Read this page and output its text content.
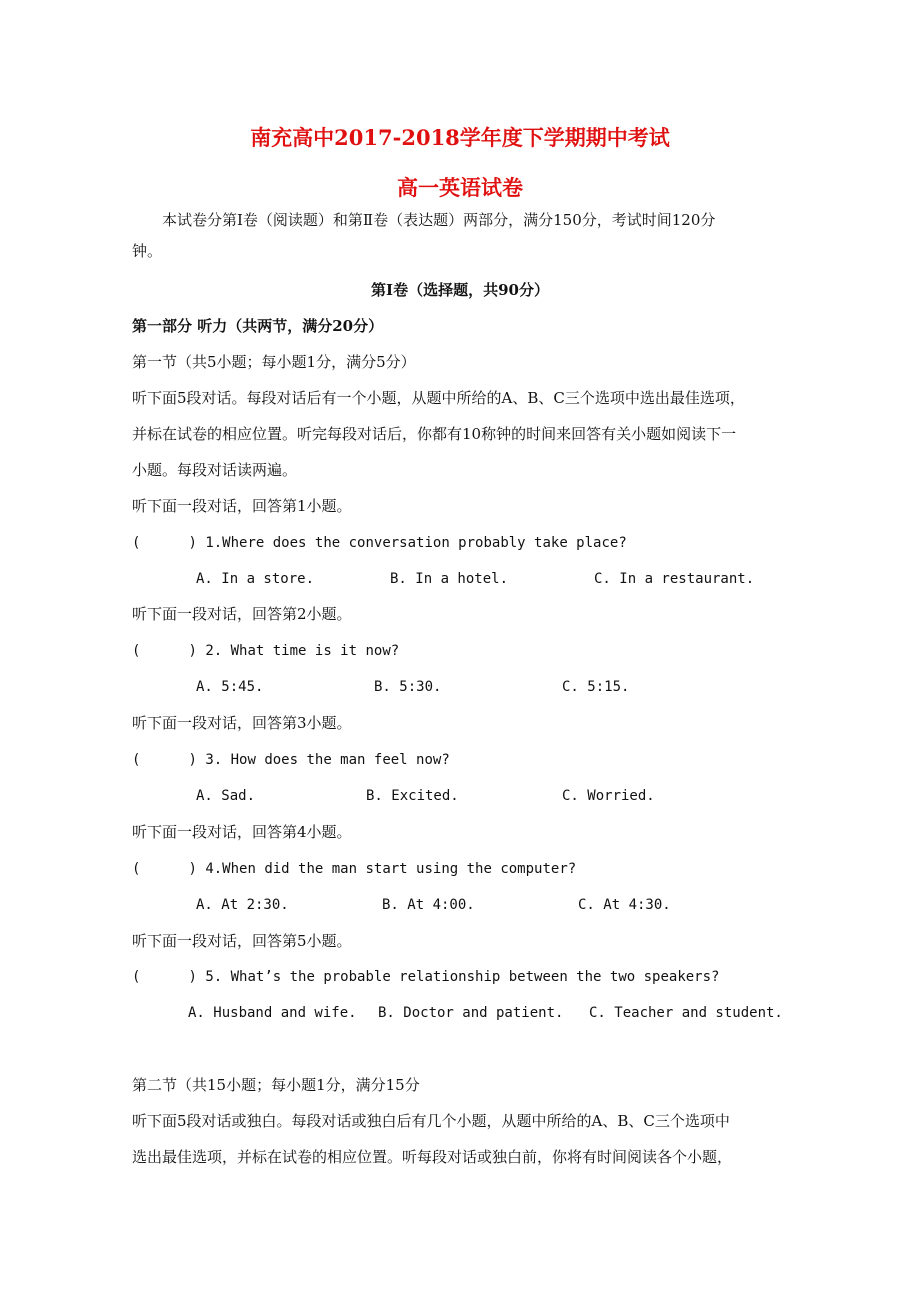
南充高中2017-2018学年度下学期期中考试
高一英语试卷

本试卷分第Ⅰ卷（阅读题）和第Ⅱ卷（表达题）两部分，满分150分，考试时间120分

钟。

第Ⅰ卷（选择题，共90分）

第一部分 听力（共两节，满分20分）

第一节（共5小题；每小题1分，满分5分）

听下面5段对话。每段对话后有一个小题，从题中所给的A、B、C三个选项中选出最佳选项，

并标在试卷的相应位置。听完每段对话后，你都有10称钟的时间来回答有关小题如阅读下一

小题。每段对话读两遍。

听下面一段对话，回答第1小题。

(	) 1.Where does the conversation probably take place?

A. In a store.	B. In a hotel.	C. In a restaurant.

听下面一段对话，回答第2小题。

(	) 2. What time is it now?

A. 5:45.	B. 5:30.	C. 5:15.

听下面一段对话，回答第3小题。

(	) 3. How does the man feel now?

A. Sad.	B. Excited.	C. Worried.

听下面一段对话，回答第4小题。

(	) 4.When did the man start using the computer?

A. At 2:30.	B. At 4:00.	C. At 4:30.

听下面一段对话，回答第5小题。

(	) 5. What’s the probable relationship between the two speakers?

A. Husband and wife. B. Doctor and patient. C. Teacher and student.

第二节（共15小题；每小题1分，满分15分

听下面5段对话或独白。每段对话或独白后有几个小题，从题中所给的A、B、C三个选项中

选出最佳选项，并标在试卷的相应位置。听每段对话或独白前，你将有时间阅读各个小题，
